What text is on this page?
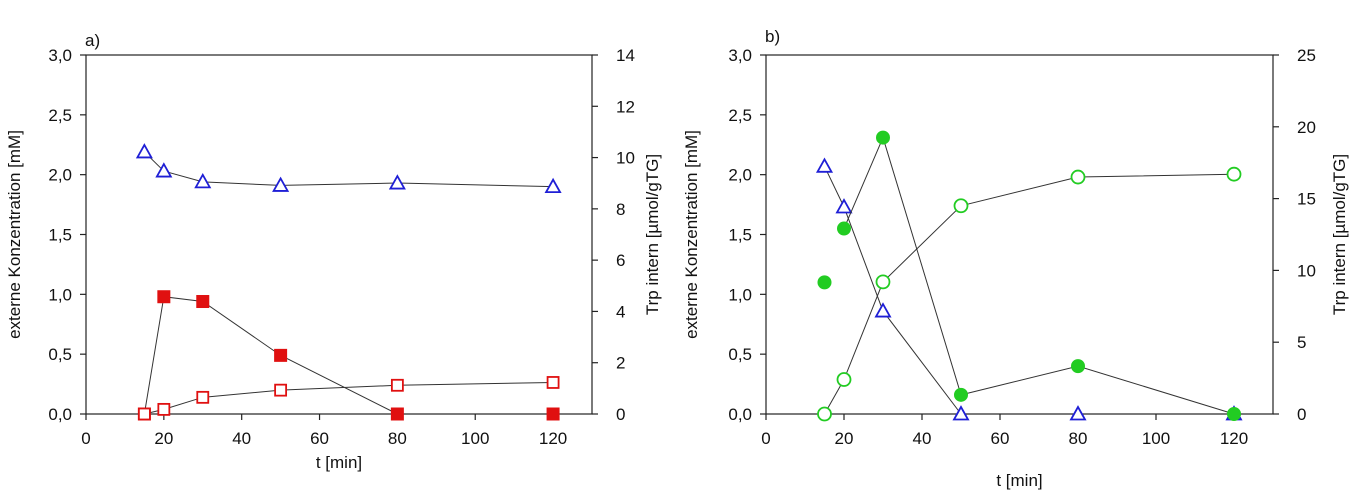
0	20	40	60	80	100	120
0,0
0,5
1,0
1,5
2,0
2,5
3,0
0
2
4
6
8
10
12
14
t [min]
externe Konzentration [mM]	Trp intern [µmol/gTG]
a)
0	20	40	60	80	100	120
0,0
0,5
1,0
1,5
2,0
2,5
3,0
0
5
10
15
20
25
t [min]
externe Konzentration [mM]	Trp intern [µmol/gTG]
b)
